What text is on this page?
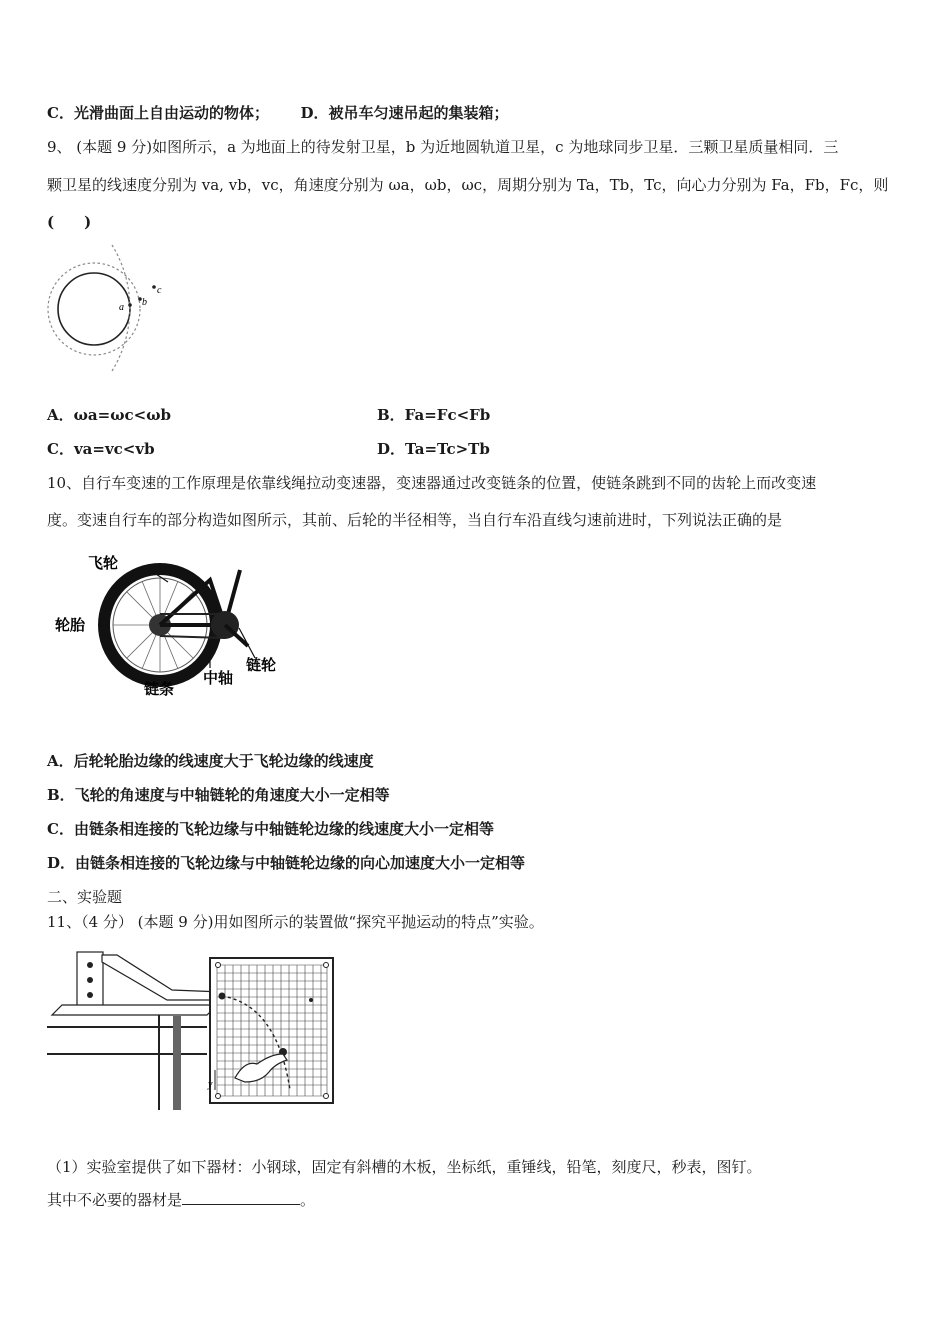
C．光滑曲面上自由运动的物体； D．被吊车匀速吊起的集装箱；
9、 (本题 9 分)如图所示，a 为地面上的待发射卫星，b 为近地圆轨道卫星，c 为地球同步卫星．三颗卫星质量相同．三
颗卫星的线速度分别为 va, vb，vc，角速度分别为 ωa，ωb，ωc，周期分别为 Ta，Tb，Tc，向心力分别为 Fa，Fb，Fc，则
(　　)
a b
c
A．ωa=ωc<ωb	B．Fa=Fc<Fb
C．va=vc<vb	D．Ta=Tc>Tb
10、自行车变速的工作原理是依靠线绳拉动变速器，变速器通过改变链条的位置，使链条跳到不同的齿轮上而改变速
度。变速自行车的部分构造如图所示，其前、后轮的半径相等，当自行车沿直线匀速前进时，下列说法正确的是
飞轮
轮胎
链条
中轴
链轮
A．后轮轮胎边缘的线速度大于飞轮边缘的线速度
B．飞轮的角速度与中轴链轮的角速度大小一定相等
C．由链条相连接的飞轮边缘与中轴链轮边缘的线速度大小一定相等
D．由链条相连接的飞轮边缘与中轴链轮边缘的向心加速度大小一定相等
二、实验题
11、（4 分） (本题 9 分)用如图所示的装置做“探究平抛运动的特点”实验。
y
（1）实验室提供了如下器材：小钢球，固定有斜槽的木板，坐标纸，重锤线，铅笔，刻度尺，秒表，图钉。
其中不必要的器材是	。
